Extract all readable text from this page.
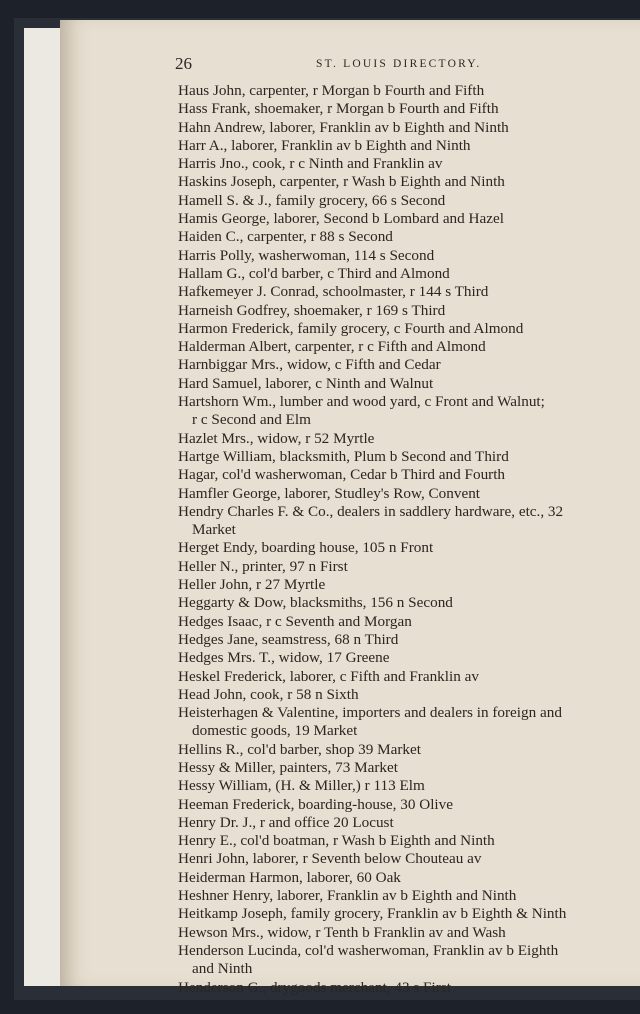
26	ST. LOUIS DIRECTORY.
Haus John, carpenter, r Morgan b Fourth and Fifth
Hass Frank, shoemaker, r Morgan b Fourth and Fifth
Hahn Andrew, laborer, Franklin av b Eighth and Ninth
Harr A., laborer, Franklin av b Eighth and Ninth
Harris Jno., cook, r c Ninth and Franklin av
Haskins Joseph, carpenter, r Wash b Eighth and Ninth
Hamell S. & J., family grocery, 66 s Second
Hamis George, laborer, Second b Lombard and Hazel
Haiden C., carpenter, r 88 s Second
Harris Polly, washerwoman, 114 s Second
Hallam G., col'd barber, c Third and Almond
Hafkemeyer J. Conrad, schoolmaster, r 144 s Third
Harneish Godfrey, shoemaker, r 169 s Third
Harmon Frederick, family grocery, c Fourth and Almond
Halderman Albert, carpenter, r c Fifth and Almond
Harnbiggar Mrs., widow, c Fifth and Cedar
Hard Samuel, laborer, c Ninth and Walnut
Hartshorn Wm., lumber and wood yard, c Front and Walnut;
r c Second and Elm
Hazlet Mrs., widow, r 52 Myrtle
Hartge William, blacksmith, Plum b Second and Third
Hagar, col'd washerwoman, Cedar b Third and Fourth
Hamfler George, laborer, Studley's Row, Convent
Hendry Charles F. & Co., dealers in saddlery hardware, etc., 32
Market
Herget Endy, boarding house, 105 n Front
Heller N., printer, 97 n First
Heller John, r 27 Myrtle
Heggarty & Dow, blacksmiths, 156 n Second
Hedges Isaac, r c Seventh and Morgan
Hedges Jane, seamstress, 68 n Third
Hedges Mrs. T., widow, 17 Greene
Heskel Frederick, laborer, c Fifth and Franklin av
Head John, cook, r 58 n Sixth
Heisterhagen & Valentine, importers and dealers in foreign and
domestic goods, 19 Market
Hellins R., col'd barber, shop 39 Market
Hessy & Miller, painters, 73 Market
Hessy William, (H. & Miller,) r 113 Elm
Heeman Frederick, boarding-house, 30 Olive
Henry Dr. J., r and office 20 Locust
Henry E., col'd boatman, r Wash b Eighth and Ninth
Henri John, laborer, r Seventh below Chouteau av
Heiderman Harmon, laborer, 60 Oak
Heshner Henry, laborer, Franklin av b Eighth and Ninth
Heitkamp Joseph, family grocery, Franklin av b Eighth & Ninth
Hewson Mrs., widow, r Tenth b Franklin av and Wash
Henderson Lucinda, col'd washerwoman, Franklin av b Eighth
and Ninth
Henderson G., drygoods merchant, 43 s First
